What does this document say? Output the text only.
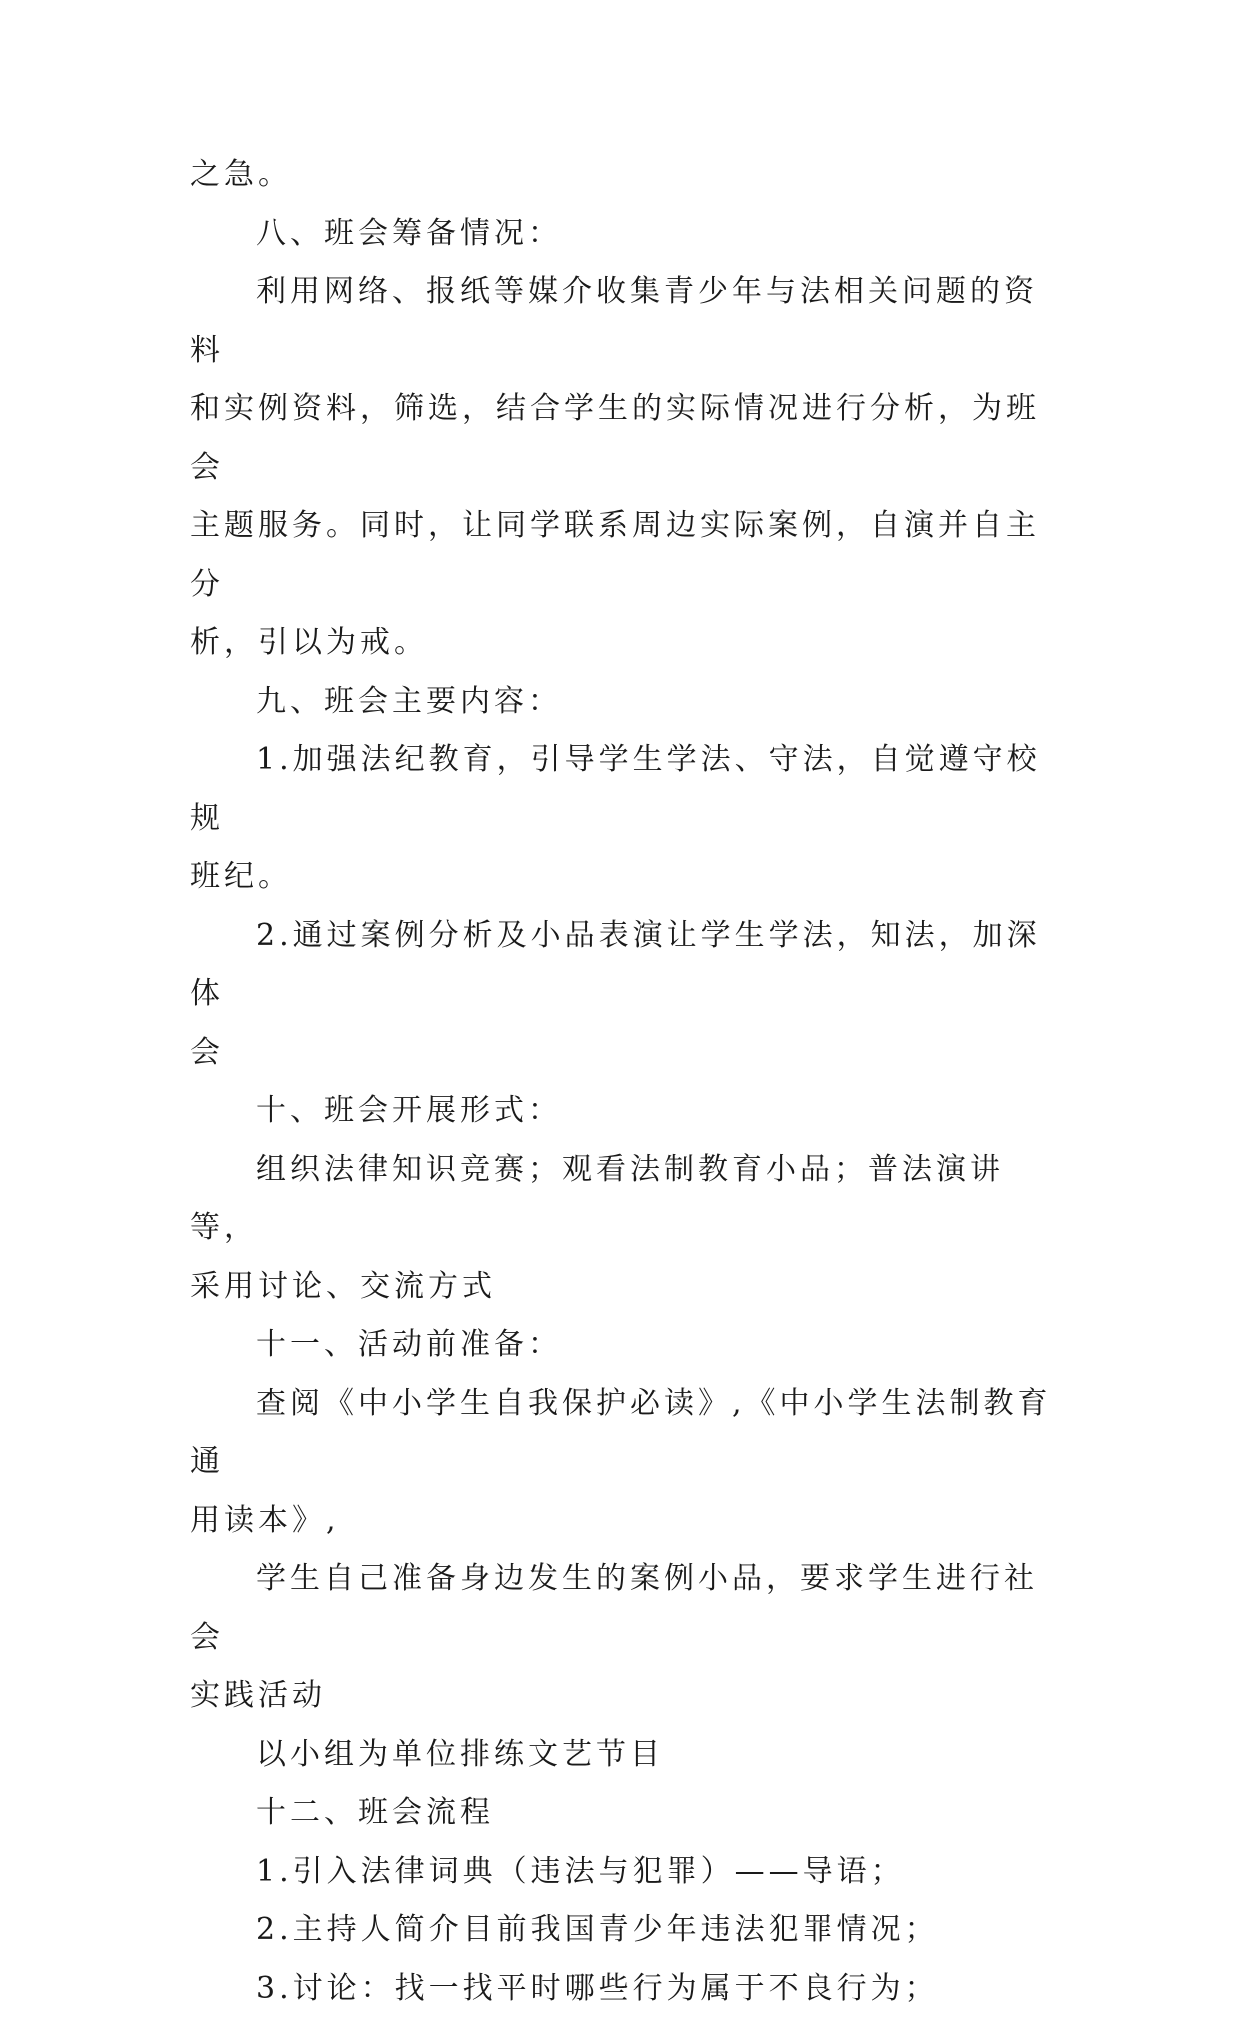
之急。

八、班会筹备情况：

利用网络、报纸等媒介收集青少年与法相关问题的资料

和实例资料，筛选，结合学生的实际情况进行分析，为班会

主题服务。同时，让同学联系周边实际案例，自演并自主分

析，引以为戒。

九、班会主要内容：

1.加强法纪教育，引导学生学法、守法，自觉遵守校规

班纪。

2.通过案例分析及小品表演让学生学法，知法，加深体

会

十、班会开展形式：

组织法律知识竞赛；观看法制教育小品；普法演讲等，

采用讨论、交流方式

十一、活动前准备：

查阅《中小学生自我保护必读》,《中小学生法制教育通

用读本》,

学生自己准备身边发生的案例小品，要求学生进行社会

实践活动

以小组为单位排练文艺节目

十二、班会流程

1.引入法律词典（违法与犯罪）——导语；

2.主持人简介目前我国青少年违法犯罪情况；

3.讨论：找一找平时哪些行为属于不良行为；
